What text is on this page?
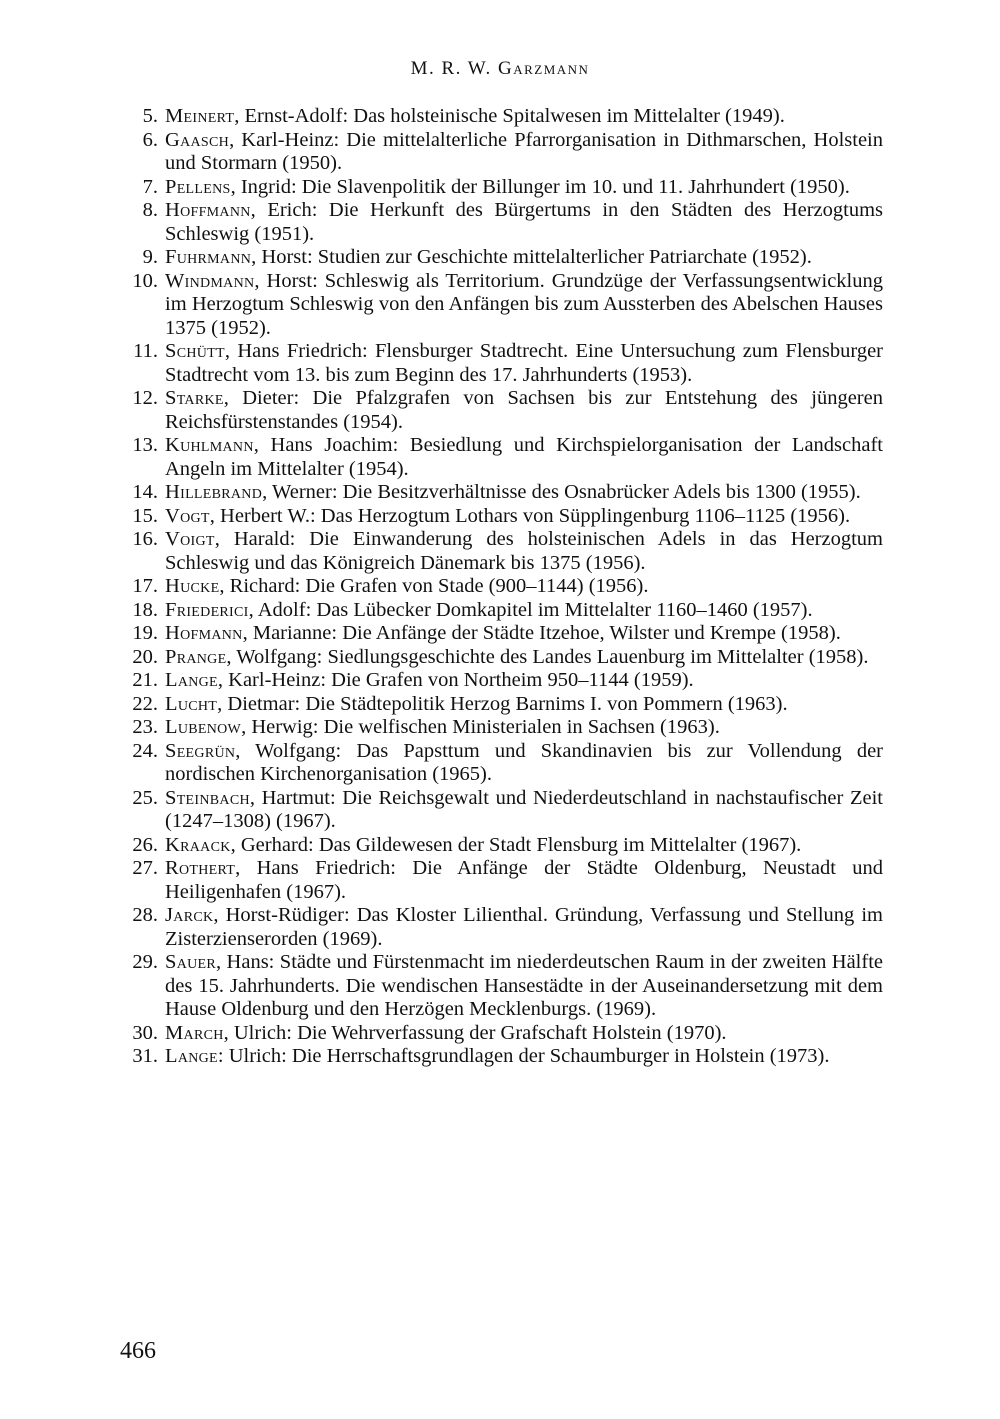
M. R. W. Garzmann
5. Meinert, Ernst-Adolf: Das holsteinische Spitalwesen im Mittelalter (1949).
6. Gaasch, Karl-Heinz: Die mittelalterliche Pfarrorganisation in Dithmarschen, Holstein und Stormarn (1950).
7. Pellens, Ingrid: Die Slavenpolitik der Billunger im 10. und 11. Jahrhundert (1950).
8. Hoffmann, Erich: Die Herkunft des Bürgertums in den Städten des Herzogtums Schleswig (1951).
9. Fuhrmann, Horst: Studien zur Geschichte mittelalterlicher Patriarchate (1952).
10. Windmann, Horst: Schleswig als Territorium. Grundzüge der Verfassungsentwicklung im Herzogtum Schleswig von den Anfängen bis zum Aussterben des Abelschen Hauses 1375 (1952).
11. Schütt, Hans Friedrich: Flensburger Stadtrecht. Eine Untersuchung zum Flensburger Stadtrecht vom 13. bis zum Beginn des 17. Jahrhunderts (1953).
12. Starke, Dieter: Die Pfalzgrafen von Sachsen bis zur Entstehung des jüngeren Reichsfürstenstandes (1954).
13. Kuhlmann, Hans Joachim: Besiedlung und Kirchspielorganisation der Landschaft Angeln im Mittelalter (1954).
14. Hillebrand, Werner: Die Besitzverhältnisse des Osnabrücker Adels bis 1300 (1955).
15. Vogt, Herbert W.: Das Herzogtum Lothars von Süpplingenburg 1106–1125 (1956).
16. Voigt, Harald: Die Einwanderung des holsteinischen Adels in das Herzogtum Schleswig und das Königreich Dänemark bis 1375 (1956).
17. Hucke, Richard: Die Grafen von Stade (900–1144) (1956).
18. Friederici, Adolf: Das Lübecker Domkapitel im Mittelalter 1160–1460 (1957).
19. Hofmann, Marianne: Die Anfänge der Städte Itzehoe, Wilster und Krempe (1958).
20. Prange, Wolfgang: Siedlungsgeschichte des Landes Lauenburg im Mittelalter (1958).
21. Lange, Karl-Heinz: Die Grafen von Northeim 950–1144 (1959).
22. Lucht, Dietmar: Die Städtepolitik Herzog Barnims I. von Pommern (1963).
23. Lubenow, Herwig: Die welfischen Ministerialen in Sachsen (1963).
24. Seegrün, Wolfgang: Das Papsttum und Skandinavien bis zur Vollendung der nordischen Kirchenorganisation (1965).
25. Steinbach, Hartmut: Die Reichsgewalt und Niederdeutschland in nachstaufischer Zeit (1247–1308) (1967).
26. Kraack, Gerhard: Das Gildewesen der Stadt Flensburg im Mittelalter (1967).
27. Rothert, Hans Friedrich: Die Anfänge der Städte Oldenburg, Neustadt und Heiligenhafen (1967).
28. Jarck, Horst-Rüdiger: Das Kloster Lilienthal. Gründung, Verfassung und Stellung im Zisterzienserorden (1969).
29. Sauer, Hans: Städte und Fürstenmacht im niederdeutschen Raum in der zweiten Hälfte des 15. Jahrhunderts. Die wendischen Hansestädte in der Auseinandersetzung mit dem Hause Oldenburg und den Herzögen Mecklenburgs. (1969).
30. March, Ulrich: Die Wehrverfassung der Grafschaft Holstein (1970).
31. Lange: Ulrich: Die Herrschaftsgrundlagen der Schaumburger in Holstein (1973).
466
